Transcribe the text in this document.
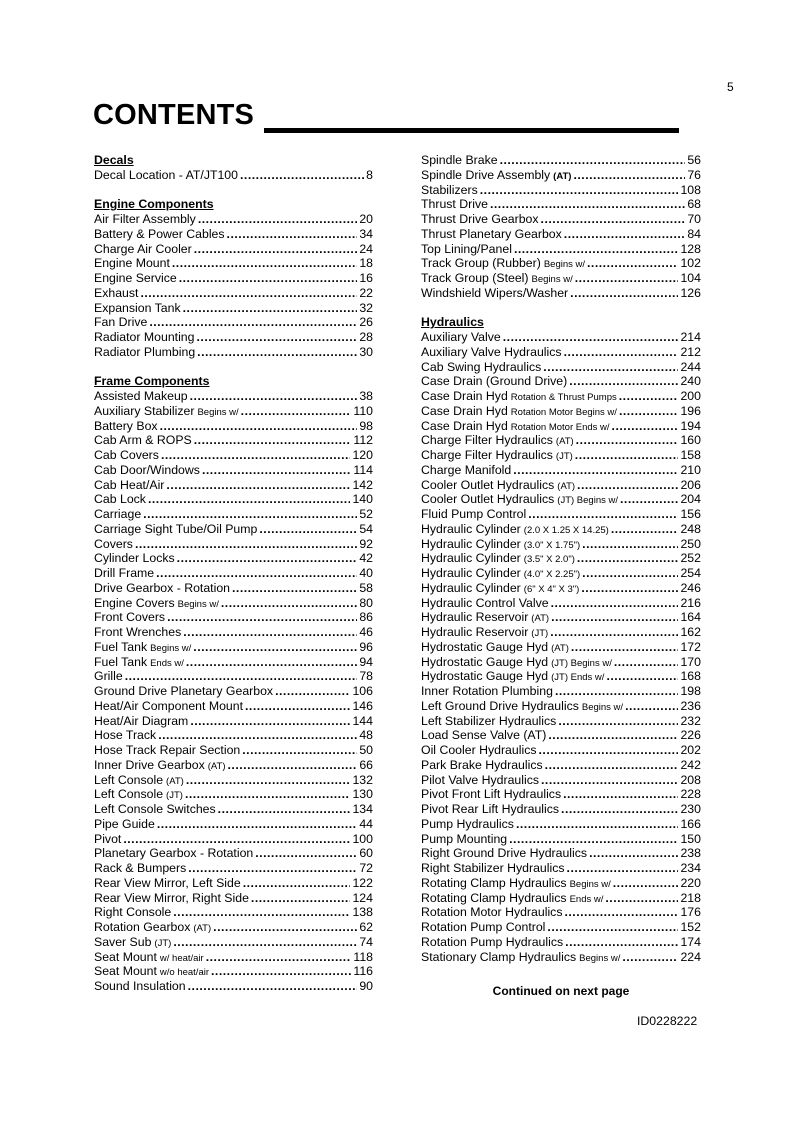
5
CONTENTS
Decals
Decal Location - AT/JT100 .....	8
Engine Components
Air Filter Assembly .....	20
Battery & Power Cables .....	34
Charge Air Cooler .....	24
Engine Mount .....	18
Engine Service .....	16
Exhaust .....	22
Expansion Tank .....	32
Fan Drive .....	26
Radiator Mounting .....	28
Radiator Plumbing .....	30
Frame Components
Assisted Makeup .....	38
Auxiliary Stabilizer Begins w/ .....	110
Battery Box .....	98
Cab Arm & ROPS .....	112
Cab Covers .....	120
Cab Door/Windows .....	114
Cab Heat/Air .....	142
Cab Lock .....	140
Carriage .....	52
Carriage Sight Tube/Oil Pump .....	54
Covers .....	92
Cylinder Locks .....	42
Drill Frame .....	40
Drive Gearbox - Rotation .....	58
Engine Covers Begins w/ .....	80
Front Covers .....	86
Front Wrenches .....	46
Fuel Tank Begins w/ .....	96
Fuel Tank Ends w/ .....	94
Grille .....	78
Ground Drive Planetary Gearbox .....	106
Heat/Air Component Mount .....	146
Heat/Air Diagram .....	144
Hose Track .....	48
Hose Track Repair Section .....	50
Inner Drive Gearbox (AT) .....	66
Left Console (AT) .....	132
Left Console (JT) .....	130
Left Console Switches .....	134
Pipe Guide .....	44
Pivot .....	100
Planetary Gearbox - Rotation .....	60
Rack & Bumpers .....	72
Rear View Mirror, Left Side .....	122
Rear View Mirror, Right Side .....	124
Right Console .....	138
Rotation Gearbox (AT) .....	62
Saver Sub (JT) .....	74
Seat Mount w/ heat/air .....	118
Seat Mount w/o heat/air .....	116
Sound Insulation .....	90
Spindle Brake .....	56
Spindle Drive Assembly (AT) .....	76
Stabilizers .....	108
Thrust Drive .....	68
Thrust Drive Gearbox .....	70
Thrust Planetary Gearbox .....	84
Top Lining/Panel .....	128
Track Group (Rubber) Begins w/ .....	102
Track Group (Steel) Begins w/ .....	104
Windshield Wipers/Washer .....	126
Hydraulics
Auxiliary Valve .....	214
Auxiliary Valve Hydraulics .....	212
Cab Swing Hydraulics .....	244
Case Drain (Ground Drive) .....	240
Case Drain Hyd Rotation & Thrust Pumps .....	200
Case Drain Hyd Rotation Motor Begins w/ .....	196
Case Drain Hyd Rotation Motor Ends w/ .....	194
Charge Filter Hydraulics (AT) .....	160
Charge Filter Hydraulics (JT) .....	158
Charge Manifold .....	210
Cooler Outlet Hydraulics (AT) .....	206
Cooler Outlet Hydraulics (JT) Begins w/ .....	204
Fluid Pump Control .....	156
Hydraulic Cylinder (2.0 X 1.25 X 14.25) .....	248
Hydraulic Cylinder (3.0" X 1.75") .....	250
Hydraulic Cylinder (3.5" X 2.0") .....	252
Hydraulic Cylinder (4.0" X 2.25") .....	254
Hydraulic Cylinder (6" X 4" X 3") .....	246
Hydraulic Control Valve .....	216
Hydraulic Reservoir (AT) .....	164
Hydraulic Reservoir (JT) .....	162
Hydrostatic Gauge Hyd (AT) .....	172
Hydrostatic Gauge Hyd (JT) Begins w/ .....	170
Hydrostatic Gauge Hyd (JT) Ends w/ .....	168
Inner Rotation Plumbing .....	198
Left Ground Drive Hydraulics Begins w/ .....	236
Left Stabilizer Hydraulics .....	232
Load Sense Valve (AT) .....	226
Oil Cooler Hydraulics .....	202
Park Brake Hydraulics .....	242
Pilot Valve Hydraulics .....	208
Pivot Front Lift Hydraulics .....	228
Pivot Rear Lift Hydraulics .....	230
Pump Hydraulics .....	166
Pump Mounting .....	150
Right Ground Drive Hydraulics .....	238
Right Stabilizer Hydraulics .....	234
Rotating Clamp Hydraulics Begins w/ .....	220
Rotating Clamp Hydraulics Ends w/ .....	218
Rotation Motor Hydraulics .....	176
Rotation Pump Control .....	152
Rotation Pump Hydraulics .....	174
Stationary Clamp Hydraulics Begins w/ .....	224
Continued on next page
ID0228222
